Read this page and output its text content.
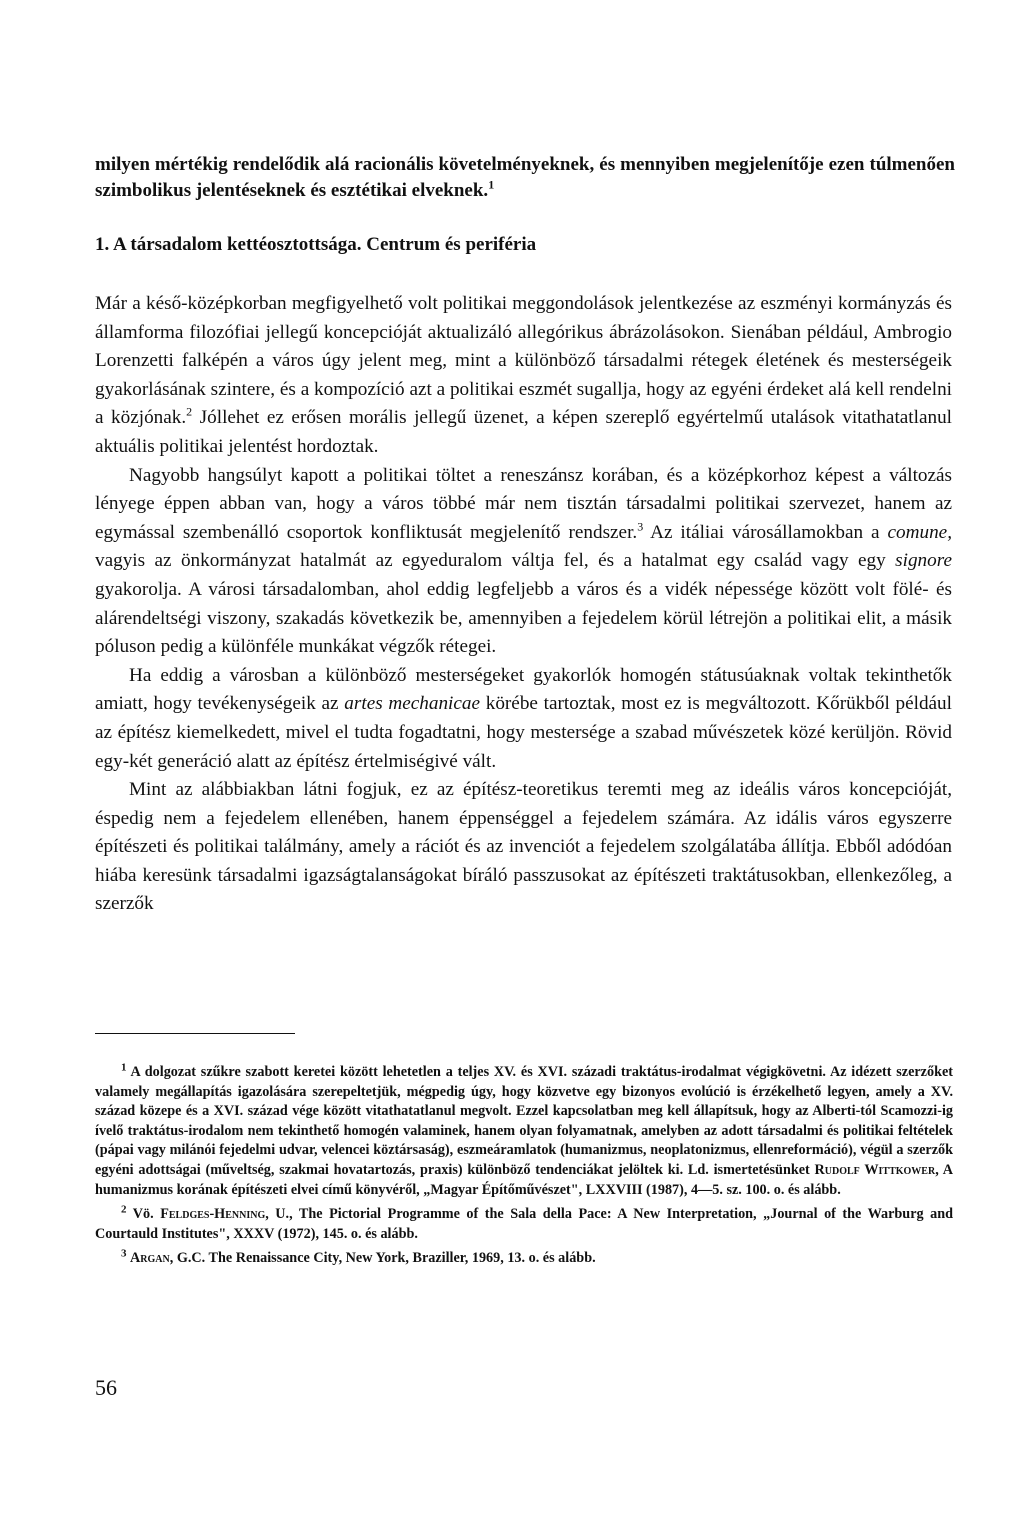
milyen mértékig rendelődik alá racionális követelményeknek, és mennyiben megjelenítője ezen túlmenően szimbolikus jelentéseknek és esztétikai elveknek.$^1$
1. A társadalom kettéosztottsága. Centrum és periféria

Már a késő-középkorban megfigyelhető volt politikai meggondolások jelentkezése az eszményi kormányzás és államforma filozófiai jellegű koncepcióját aktualizáló allegórikus ábrázolásokon. Sienában például, Ambrogio Lorenzetti falképén a város úgy jelent meg, mint a különböző társadalmi rétegek életének és mesterségeik gyakorlásának szintere, és a kompozíció azt a politikai eszmét sugallja, hogy az egyéni érdeket alá kell rendelni a közjónak.$^2$ Jóllehet ez erősen morális jellegű üzenet, a képen szereplő egyértelmű utalások vitathatatlanul aktuális politikai jelentést hordoztak.

Nagyobb hangsúlyt kapott a politikai töltet a reneszánsz korában, és a középkorhoz képest a változás lényege éppen abban van, hogy a város többé már nem tisztán társadalmi politikai szervezet, hanem az egymással szembenálló csoportok konfliktusát megjelenítő rendszer.$^3$ Az itáliai városállamokban a comune, vagyis az önkormányzat hatalmát az egyeduralom váltja fel, és a hatalmat egy család vagy egy signore gyakorolja. A városi társadalomban, ahol eddig legfeljebb a város és a vidék népessége között volt fölé- és alárendeltségi viszony, szakadás következik be, amennyiben a fejedelem körül létrejön a politikai elit, a másik póluson pedig a különféle munkákat végzők rétegei.

Ha eddig a városban a különböző mesterségeket gyakorlók homogén státusúaknak voltak tekinthetők amiatt, hogy tevékenységeik az artes mechanicae körébe tartoztak, most ez is megváltozott. Kőrükből például az építész kiemelkedett, mivel el tudta fogadtatni, hogy mestersége a szabad művészetek közé kerüljön. Rövid egy-két generáció alatt az építész értelmiségivé vált.

Mint az alábbiakban látni fogjuk, ez az építész-teoretikus teremti meg az ideális város koncepcióját, éspedig nem a fejedelem ellenében, hanem éppenséggel a fejedelem számára. Az idális város egyszerre építészeti és politikai találmány, amely a rációt és az invenciót a fejedelem szolgálatába állítja. Ebből adódóan hiába keresünk társadalmi igazságtalanságokat bíráló passzusokat az építészeti traktátusokban, ellenkezőleg, a szerzők

$^1$ A dolgozat szűkre szabott keretei között lehetetlen a teljes XV. és XVI. századi traktátus-irodalmat végigkövetni. Az idézett szerzőket valamely megállapítás igazolására szerepeltetjük, mégpedig úgy, hogy közvetve egy bizonyos evolúció is érzékelhető legyen, amely a XV. század közepe és a XVI. század vége között vitathatatlanul megvolt. Ezzel kapcsolatban meg kell állapítsuk, hogy az Alberti-tól Scamozzi-ig ívelő traktátus-irodalom nem tekinthető homogén valaminek, hanem olyan folyamatnak, amelyben az adott társadalmi és politikai feltételek (pápai vagy milánói fejedelmi udvar, velencei köztársaság), eszmeáramlatok (humanizmus, neoplatonizmus, ellenreformáció), végül a szerzők egyéni adottságai (műveltség, szakmai hovatartozás, praxis) különböző tendenciákat jelöltek ki. Ld. ismertetésünket Rudolf Wittkower, A humanizmus korának építészeti elvei című könyvéről, „Magyar Építőművészet", LXXVIII (1987), 4—5. sz. 100. o. és alább.

$^2$ Vö. Feldges-Henning, U., The Pictorial Programme of the Sala della Pace: A New Interpretation, „Journal of the Warburg and Courtauld Institutes", XXXV (1972), 145. o. és alább.

$^3$ Argan, G.C. The Renaissance City, New York, Braziller, 1969, 13. o. és alább.

56
